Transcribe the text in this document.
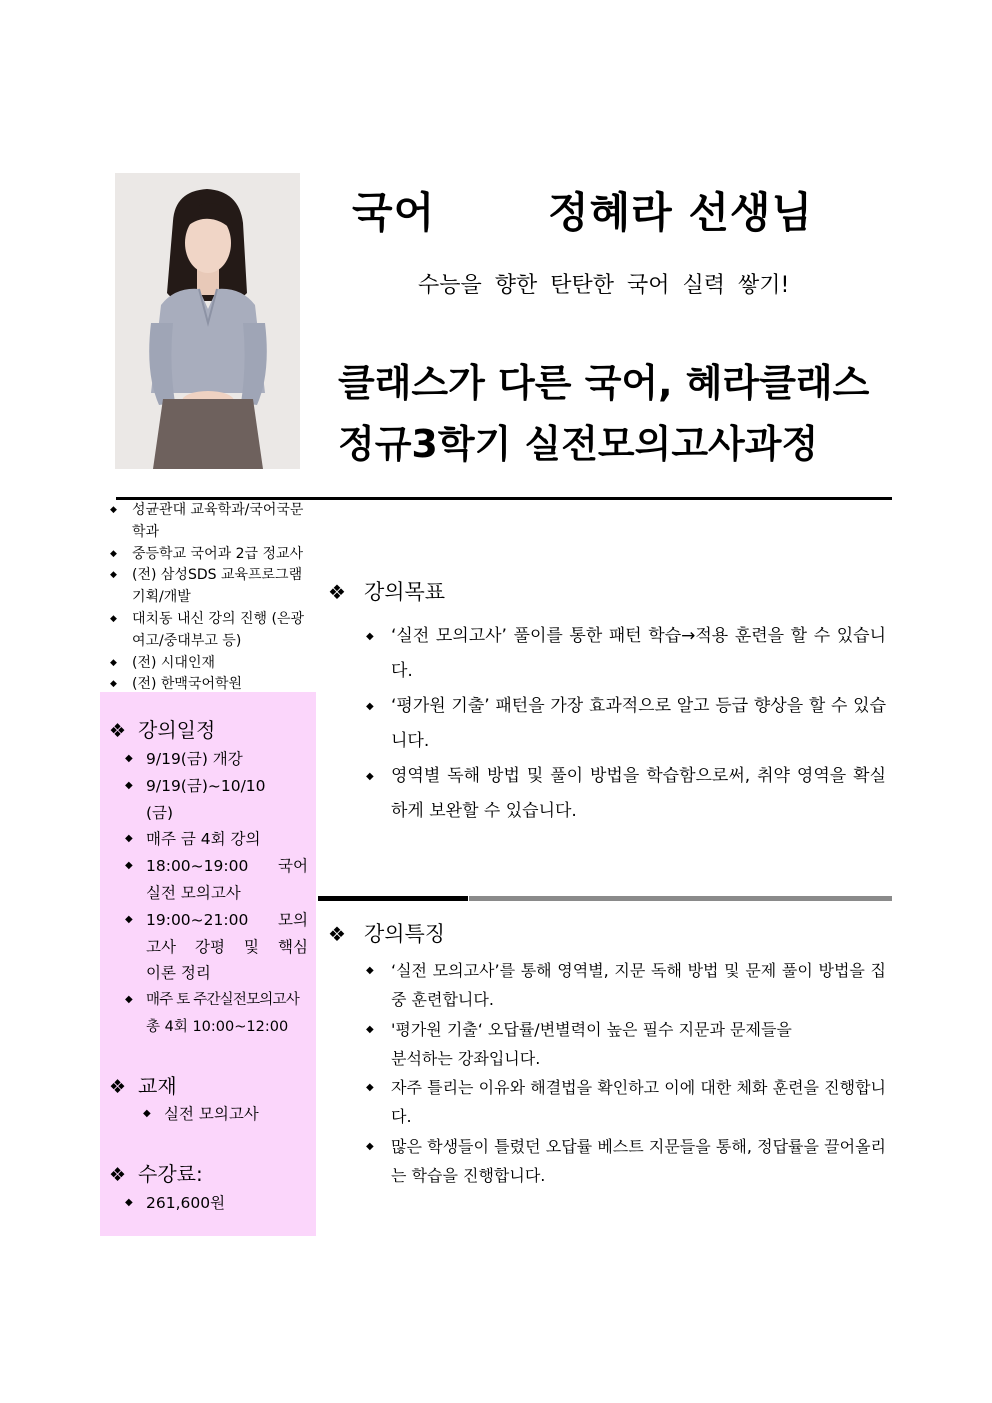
국어	정혜라 선생님
수능을 향한 탄탄한 국어 실력 쌓기!
클래스가 다른 국어, 혜라클래스
정규3학기 실전모의고사과정
◆ 성균관대 교육학과/국어국문학과
◆ 중등학교 국어과 2급 정교사
◆ (전) 삼성SDS 교육프로그램 기획/개발
◆ 대치동 내신 강의 진행 (은광여고/중대부고 등)
◆ (전) 시대인재
◆ (전) 한맥국어학원
❖ 강의일정
◆ 9/19(금) 개강
◆ 9/19(금)~10/10
(금)
◆ 매주 금 4회 강의
◆ 18:00~19:00 국어
실전 모의고사
◆ 19:00~21:00 모의
고사 강평 및 핵심
이론 정리
◆ 매주 토 주간실전모의고사
총 4회 10:00~12:00
❖ 교재
◆ 실전 모의고사
❖ 수강료:
◆ 261,600원
❖ 강의목표
◆ ‘실전 모의고사’ 풀이를 통한 패턴 학습→적용 훈련을 할 수 있습니다.
◆ ‘평가원 기출’ 패턴을 가장 효과적으로 알고 등급 향상을 할 수 있습니다.
◆ 영역별 독해 방법 및 풀이 방법을 학습함으로써, 취약 영역을 확실하게 보완할 수 있습니다.
❖ 강의특징
◆ ‘실전 모의고사’를 통해 영역별, 지문 독해 방법 및 문제 풀이 방법을 집중 훈련합니다.
◆ '평가원 기출‘ 오답률/변별력이 높은 필수 지문과 문제들을
분석하는 강좌입니다.
◆ 자주 틀리는 이유와 해결법을 확인하고 이에 대한 체화 훈련을 진행합니다.
◆ 많은 학생들이 틀렸던 오답률 베스트 지문들을 통해, 정답률을 끌어올리는 학습을 진행합니다.
